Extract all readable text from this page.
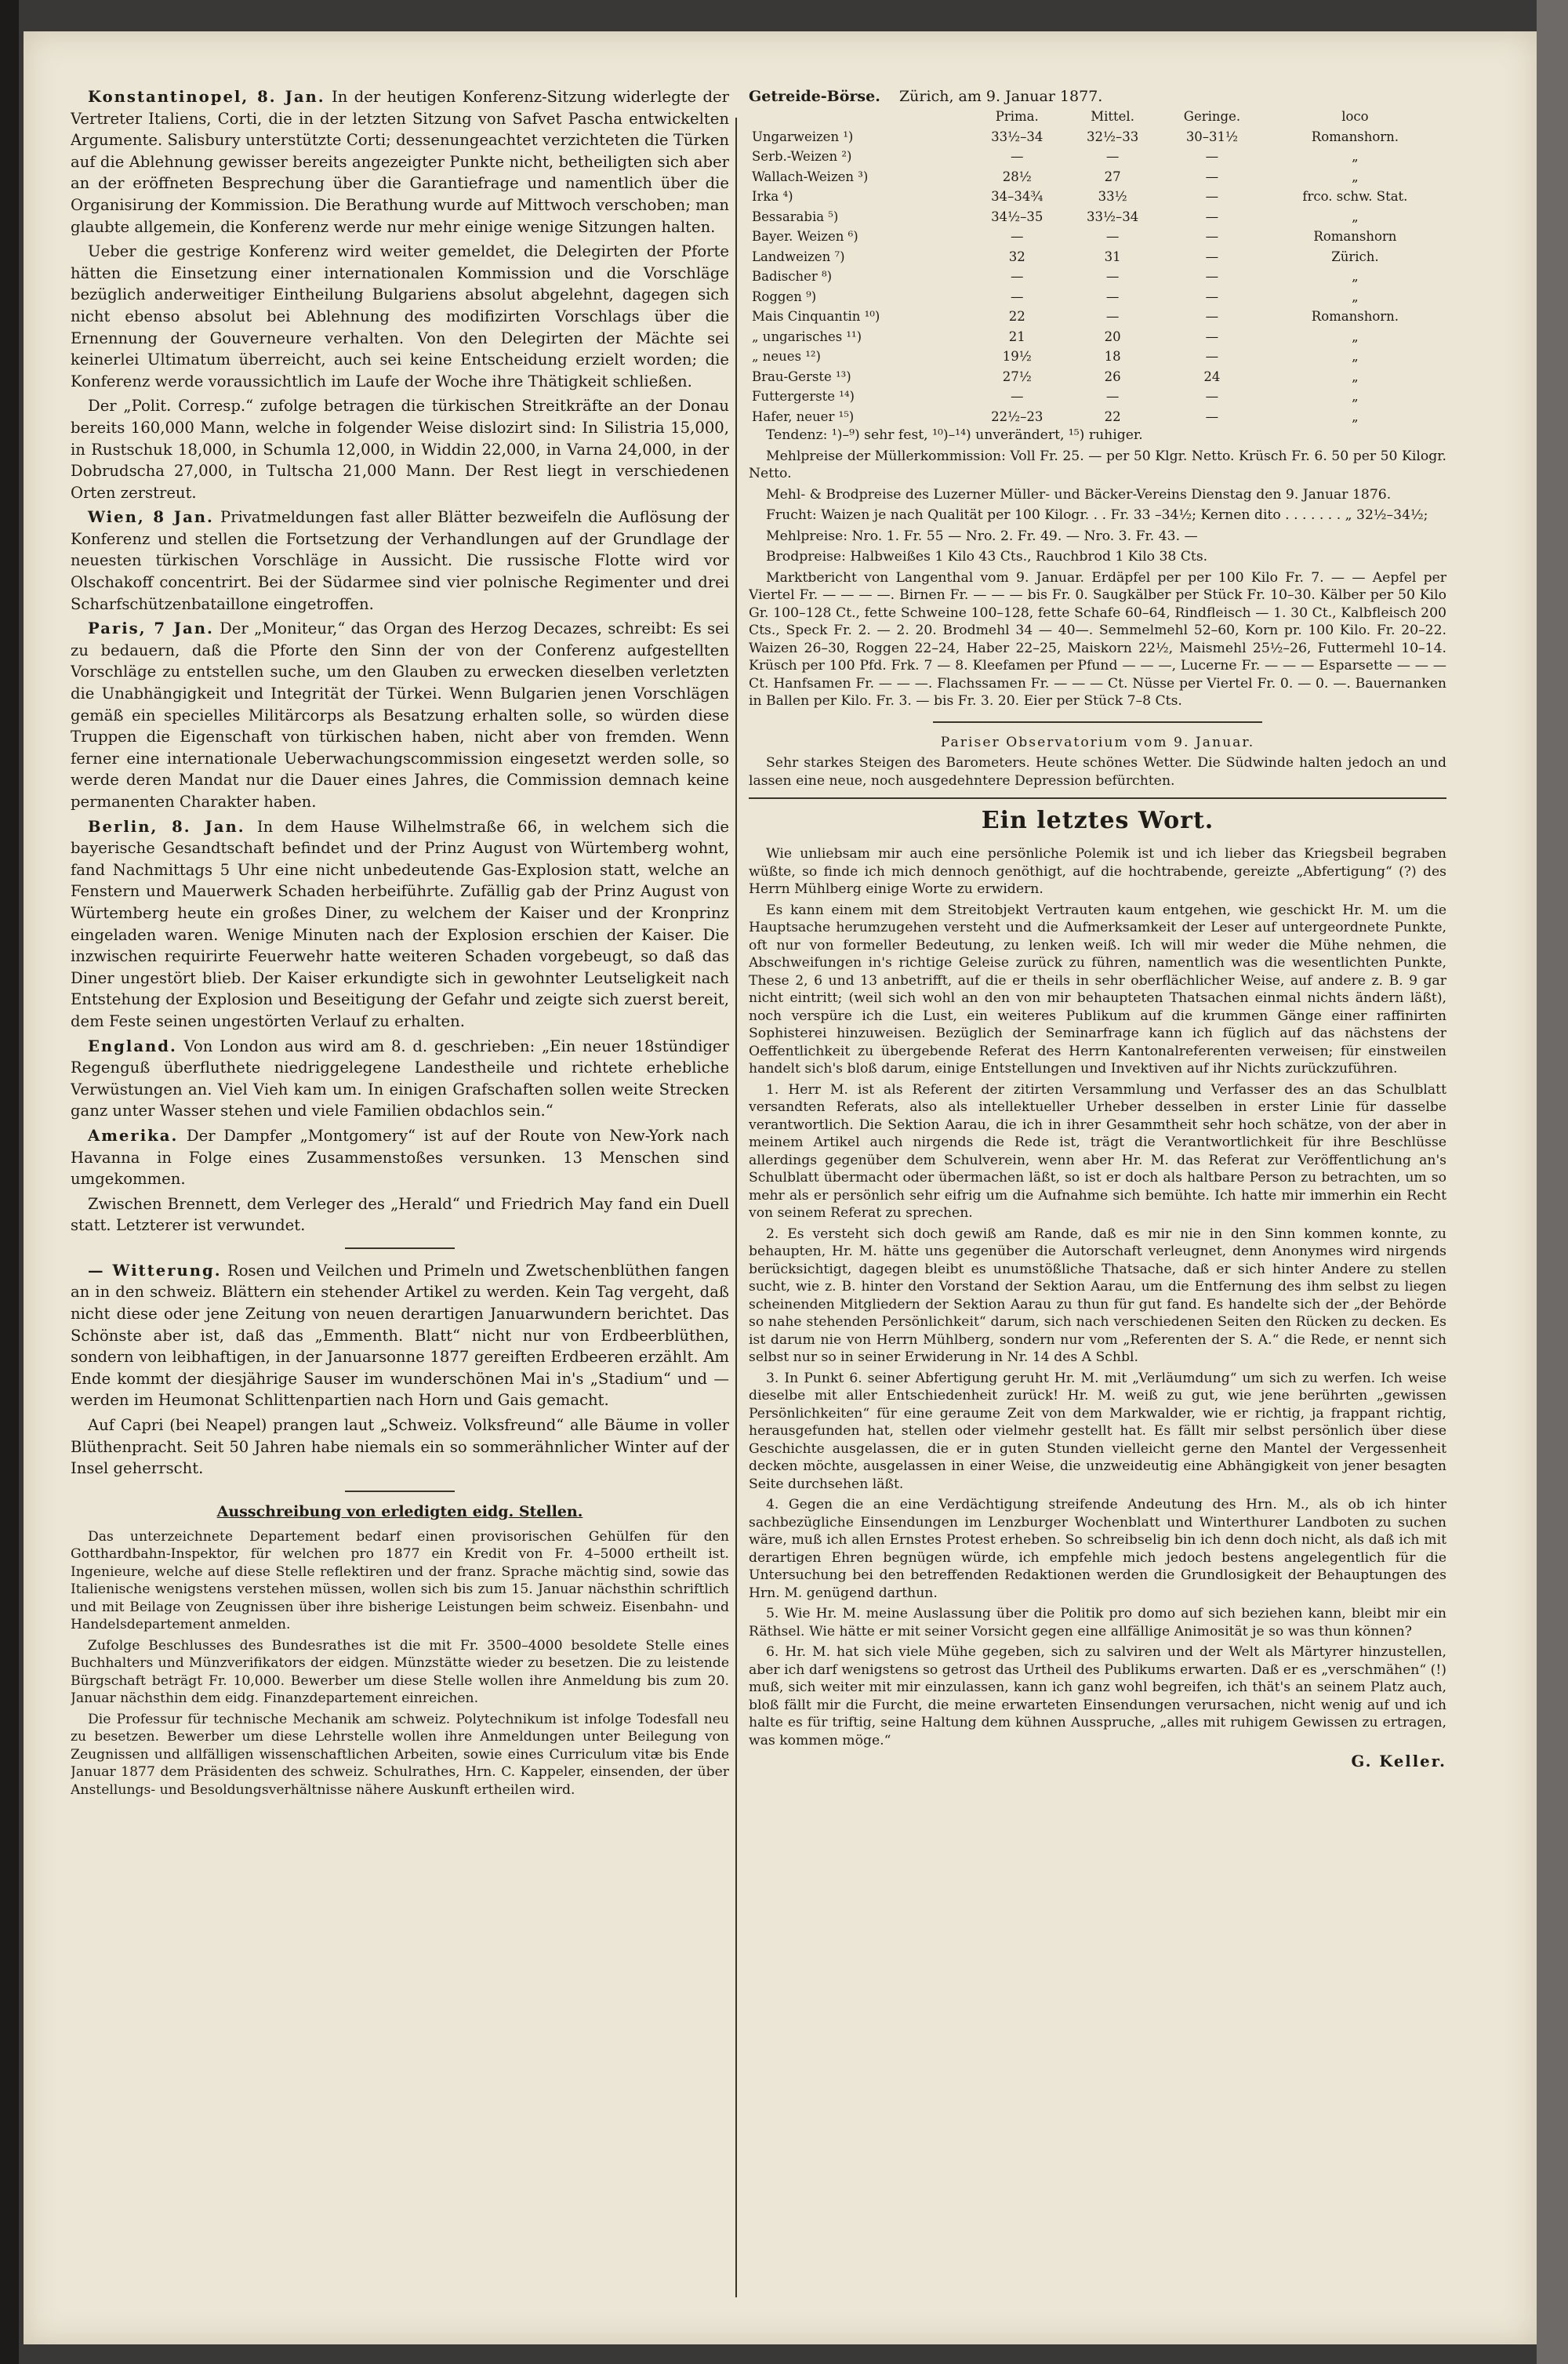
Konstantinopel, 8. Jan. In der heutigen Konferenz-Sitzung widerlegte der Vertreter Italiens, Corti, die in der letzten Sitzung von Safvet Pascha entwickelten Argumente. Salisbury unterstützte Corti; dessenungeachtet verzichteten die Türken auf die Ablehnung gewisser bereits angezeigter Punkte nicht, betheiligten sich aber an der eröffneten Besprechung über die Garantiefrage und namentlich über die Organisirung der Kommission. Die Berathung wurde auf Mittwoch verschoben; man glaubte allgemein, die Konferenz werde nur mehr einige wenige Sitzungen halten.

Ueber die gestrige Konferenz wird weiter gemeldet, die Delegirten der Pforte hätten die Einsetzung einer internationalen Kommission und die Vorschläge bezüglich anderweitiger Eintheilung Bulgariens absolut abgelehnt, dagegen sich nicht ebenso absolut bei Ablehnung des modifizirten Vorschlags über die Ernennung der Gouverneure verhalten. Von den Delegirten der Mächte sei keinerlei Ultimatum überreicht, auch sei keine Entscheidung erzielt worden; die Konferenz werde voraussichtlich im Laufe der Woche ihre Thätigkeit schließen.

Der „Polit. Corresp.“ zufolge betragen die türkischen Streitkräfte an der Donau bereits 160,000 Mann, welche in folgender Weise dislozirt sind: In Silistria 15,000, in Rustschuk 18,000, in Schumla 12,000, in Widdin 22,000, in Varna 24,000, in der Dobrudscha 27,000, in Tultscha 21,000 Mann. Der Rest liegt in verschiedenen Orten zerstreut.

Wien, 8 Jan. Privatmeldungen fast aller Blätter bezweifeln die Auflösung der Konferenz und stellen die Fortsetzung der Verhandlungen auf der Grundlage der neuesten türkischen Vorschläge in Aussicht. Die russische Flotte wird vor Olschakoff concentrirt. Bei der Südarmee sind vier polnische Regimenter und drei Scharfschützenbataillone eingetroffen.

Paris, 7 Jan. Der „Moniteur,“ das Organ des Herzog Decazes, schreibt: Es sei zu bedauern, daß die Pforte den Sinn der von der Conferenz aufgestellten Vorschläge zu entstellen suche, um den Glauben zu erwecken dieselben verletzten die Unabhängigkeit und Integrität der Türkei. Wenn Bulgarien jenen Vorschlägen gemäß ein specielles Militärcorps als Besatzung erhalten solle, so würden diese Truppen die Eigenschaft von türkischen haben, nicht aber von fremden. Wenn ferner eine internationale Ueberwachungscommission eingesetzt werden solle, so werde deren Mandat nur die Dauer eines Jahres, die Commission demnach keine permanenten Charakter haben.

Berlin, 8. Jan. In dem Hause Wilhelmstraße 66, in welchem sich die bayerische Gesandtschaft befindet und der Prinz August von Würtemberg wohnt, fand Nachmittags 5 Uhr eine nicht unbedeutende Gas-Explosion statt, welche an Fenstern und Mauerwerk Schaden herbeiführte. Zufällig gab der Prinz August von Würtemberg heute ein großes Diner, zu welchem der Kaiser und der Kronprinz eingeladen waren. Wenige Minuten nach der Explosion erschien der Kaiser. Die inzwischen requirirte Feuerwehr hatte weiteren Schaden vorgebeugt, so daß das Diner ungestört blieb. Der Kaiser erkundigte sich in gewohnter Leutseligkeit nach Entstehung der Explosion und Beseitigung der Gefahr und zeigte sich zuerst bereit, dem Feste seinen ungestörten Verlauf zu erhalten.

England. Von London aus wird am 8. d. geschrieben: „Ein neuer 18stündiger Regenguß überfluthete niedriggelegene Landestheile und richtete erhebliche Verwüstungen an. Viel Vieh kam um. In einigen Grafschaften sollen weite Strecken ganz unter Wasser stehen und viele Familien obdachlos sein.“

Amerika. Der Dampfer „Montgomery“ ist auf der Route von New-York nach Havanna in Folge eines Zusammenstoßes versunken. 13 Menschen sind umgekommen.

Zwischen Brennett, dem Verleger des „Herald“ und Friedrich May fand ein Duell statt. Letzterer ist verwundet.

— Witterung. Rosen und Veilchen und Primeln und Zwetschenblüthen fangen an in den schweiz. Blättern ein stehender Artikel zu werden. Kein Tag vergeht, daß nicht diese oder jene Zeitung von neuen derartigen Januarwundern berichtet. Das Schönste aber ist, daß das „Emmenth. Blatt“ nicht nur von Erdbeerblüthen, sondern von leibhaftigen, in der Januarsonne 1877 gereiften Erdbeeren erzählt. Am Ende kommt der diesjährige Sauser im wunderschönen Mai in's „Stadium“ und — werden im Heumonat Schlittenpartien nach Horn und Gais gemacht.

Auf Capri (bei Neapel) prangen laut „Schweiz. Volksfreund“ alle Bäume in voller Blüthenpracht. Seit 50 Jahren habe niemals ein so sommerähnlicher Winter auf der Insel geherrscht.

Ausschreibung von erledigten eidg. Stellen.

Das unterzeichnete Departement bedarf einen provisorischen Gehülfen für den Gotthardbahn-Inspektor, für welchen pro 1877 ein Kredit von Fr. 4–5000 ertheilt ist. Ingenieure, welche auf diese Stelle reflektiren und der franz. Sprache mächtig sind, sowie das Italienische wenigstens verstehen müssen, wollen sich bis zum 15. Januar nächsthin schriftlich und mit Beilage von Zeugnissen über ihre bisherige Leistungen beim schweiz. Eisenbahn- und Handelsdepartement anmelden.

Zufolge Beschlusses des Bundesrathes ist die mit Fr. 3500–4000 besoldete Stelle eines Buchhalters und Münzverifikators der eidgen. Münzstätte wieder zu besetzen. Die zu leistende Bürgschaft beträgt Fr. 10,000. Bewerber um diese Stelle wollen ihre Anmeldung bis zum 20. Januar nächsthin dem eidg. Finanzdepartement einreichen.

Die Professur für technische Mechanik am schweiz. Polytechnikum ist infolge Todesfall neu zu besetzen. Bewerber um diese Lehrstelle wollen ihre Anmeldungen unter Beilegung von Zeugnissen und allfälligen wissenschaftlichen Arbeiten, sowie eines Curriculum vitæ bis Ende Januar 1877 dem Präsidenten des schweiz. Schulrathes, Hrn. C. Kappeler, einsenden, der über Anstellungs- und Besoldungsverhältnisse nähere Auskunft ertheilen wird.

Getreide-Börse. Zürich, am 9. Januar 1877.
	Prima.	Mittel.	Geringe.	loco
Ungarweizen ¹)	33½–34	32½–33	30–31½	Romanshorn.
Serb.-Weizen ²)	—	—	—	„
Wallach-Weizen ³)	28½	27	—	„
Irka ⁴)	34–34¾	33½	—	frco. schw. Stat.
Bessarabia ⁵)	34½–35	33½–34	—	„
Bayer. Weizen ⁶)	—	—	—	Romanshorn
Landweizen ⁷)	32	31	—	Zürich.
Badischer ⁸)	—	—	—	„
Roggen ⁹)	—	—	—	„
Mais Cinquantin ¹⁰)	22	—	—	Romanshorn.
„ ungarisches ¹¹)	21	20	—	„
„ neues ¹²)	19½	18	—	„
Brau-Gerste ¹³)	27½	26	24	„
Futtergerste ¹⁴)	—	—	—	„
Hafer, neuer ¹⁵)	22½–23	22	—	„

Tendenz: ¹)–⁹) sehr fest, ¹⁰)–¹⁴) unverändert, ¹⁵) ruhiger.

Mehlpreise der Müllerkommission: Voll Fr. 25. — per 50 Klgr. Netto. Krüsch Fr. 6. 50 per 50 Kilogr. Netto.

Mehl- & Brodpreise des Luzerner Müller- und Bäcker-Vereins Dienstag den 9. Januar 1876.

Frucht: Waizen je nach Qualität per 100 Kilogr. . . Fr. 33 –34½; Kernen dito . . . . . . . „ 32½–34½;

Mehlpreise: Nro. 1. Fr. 55 — Nro. 2. Fr. 49. — Nro. 3. Fr. 43. —

Brodpreise: Halbweißes 1 Kilo 43 Cts., Rauchbrod 1 Kilo 38 Cts.

Marktbericht von Langenthal vom 9. Januar. Erdäpfel per per 100 Kilo Fr. 7. — — Aepfel per Viertel Fr. — — — —. Birnen Fr. — — — bis Fr. 0. Saugkälber per Stück Fr. 10–30. Kälber per 50 Kilo Gr. 100–128 Ct., fette Schweine 100–128, fette Schafe 60–64, Rindfleisch — 1. 30 Ct., Kalbfleisch 200 Cts., Speck Fr. 2. — 2. 20. Brodmehl 34 — 40—. Semmelmehl 52–60, Korn pr. 100 Kilo. Fr. 20–22. Waizen 26–30, Roggen 22–24, Haber 22–25, Maiskorn 22½, Maismehl 25½–26, Futtermehl 10–14. Krüsch per 100 Pfd. Frk. 7 — 8. Kleefamen per Pfund — — —, Lucerne Fr. — — — Esparsette — — — Ct. Hanfsamen Fr. — — —. Flachssamen Fr. — — — Ct. Nüsse per Viertel Fr. 0. — 0. —. Bauernanken in Ballen per Kilo. Fr. 3. — bis Fr. 3. 20. Eier per Stück 7–8 Cts.

Pariser Observatorium vom 9. Januar.

Sehr starkes Steigen des Barometers. Heute schönes Wetter. Die Südwinde halten jedoch an und lassen eine neue, noch ausgedehntere Depression befürchten.

Ein letztes Wort.

Wie unliebsam mir auch eine persönliche Polemik ist und ich lieber das Kriegsbeil begraben wüßte, so finde ich mich dennoch genöthigt, auf die hochtrabende, gereizte „Abfertigung“ (?) des Herrn Mühlberg einige Worte zu erwidern.

Es kann einem mit dem Streitobjekt Vertrauten kaum entgehen, wie geschickt Hr. M. um die Hauptsache herumzugehen versteht und die Aufmerksamkeit der Leser auf untergeordnete Punkte, oft nur von formeller Bedeutung, zu lenken weiß. Ich will mir weder die Mühe nehmen, die Abschweifungen in's richtige Geleise zurück zu führen, namentlich was die wesentlichten Punkte, These 2, 6 und 13 anbetrifft, auf die er theils in sehr oberflächlicher Weise, auf andere z. B. 9 gar nicht eintritt; (weil sich wohl an den von mir behaupteten Thatsachen einmal nichts ändern läßt), noch verspüre ich die Lust, ein weiteres Publikum auf die krummen Gänge einer raffinirten Sophisterei hinzuweisen. Bezüglich der Seminarfrage kann ich füglich auf das nächstens der Oeffentlichkeit zu übergebende Referat des Herrn Kantonalreferenten verweisen; für einstweilen handelt sich's bloß darum, einige Entstellungen und Invektiven auf ihr Nichts zurückzuführen.

1. Herr M. ist als Referent der zitirten Versammlung und Verfasser des an das Schulblatt versandten Referats, also als intellektueller Urheber desselben in erster Linie für dasselbe verantwortlich. Die Sektion Aarau, die ich in ihrer Gesammtheit sehr hoch schätze, von der aber in meinem Artikel auch nirgends die Rede ist, trägt die Verantwortlichkeit für ihre Beschlüsse allerdings gegenüber dem Schulverein, wenn aber Hr. M. das Referat zur Veröffentlichung an's Schulblatt übermacht oder übermachen läßt, so ist er doch als haltbare Person zu betrachten, um so mehr als er persönlich sehr eifrig um die Aufnahme sich bemühte. Ich hatte mir immerhin ein Recht von seinem Referat zu sprechen.

2. Es versteht sich doch gewiß am Rande, daß es mir nie in den Sinn kommen konnte, zu behaupten, Hr. M. hätte uns gegenüber die Autorschaft verleugnet, denn Anonymes wird nirgends berücksichtigt, dagegen bleibt es unumstößliche Thatsache, daß er sich hinter Andere zu stellen sucht, wie z. B. hinter den Vorstand der Sektion Aarau, um die Entfernung des ihm selbst zu liegen scheinenden Mitgliedern der Sektion Aarau zu thun für gut fand. Es handelte sich der „der Behörde so nahe stehenden Persönlichkeit“ darum, sich nach verschiedenen Seiten den Rücken zu decken. Es ist darum nie von Herrn Mühlberg, sondern nur vom „Referenten der S. A.“ die Rede, er nennt sich selbst nur so in seiner Erwiderung in Nr. 14 des A Schbl.

3. In Punkt 6. seiner Abfertigung geruht Hr. M. mit „Verläumdung“ um sich zu werfen. Ich weise dieselbe mit aller Entschiedenheit zurück! Hr. M. weiß zu gut, wie jene berührten „gewissen Persönlichkeiten“ für eine geraume Zeit von dem Markwalder, wie er richtig, ja frappant richtig, herausgefunden hat, stellen oder vielmehr gestellt hat. Es fällt mir selbst persönlich über diese Geschichte ausgelassen, die er in guten Stunden vielleicht gerne den Mantel der Vergessenheit decken möchte, ausgelassen in einer Weise, die unzweideutig eine Abhängigkeit von jener besagten Seite durchsehen läßt.

4. Gegen die an eine Verdächtigung streifende Andeutung des Hrn. M., als ob ich hinter sachbezügliche Einsendungen im Lenzburger Wochenblatt und Winterthurer Landboten zu suchen wäre, muß ich allen Ernstes Protest erheben. So schreibselig bin ich denn doch nicht, als daß ich mit derartigen Ehren begnügen würde, ich empfehle mich jedoch bestens angelegentlich für die Untersuchung bei den betreffenden Redaktionen werden die Grundlosigkeit der Behauptungen des Hrn. M. genügend darthun.

5. Wie Hr. M. meine Auslassung über die Politik pro domo auf sich beziehen kann, bleibt mir ein Räthsel. Wie hätte er mit seiner Vorsicht gegen eine allfällige Animosität je so was thun können?

6. Hr. M. hat sich viele Mühe gegeben, sich zu salviren und der Welt als Märtyrer hinzustellen, aber ich darf wenigstens so getrost das Urtheil des Publikums erwarten. Daß er es „verschmähen“ (!) muß, sich weiter mit mir einzulassen, kann ich ganz wohl begreifen, ich thät's an seinem Platz auch, bloß fällt mir die Furcht, die meine erwarteten Einsendungen verursachen, nicht wenig auf und ich halte es für triftig, seine Haltung dem kühnen Ausspruche, „alles mit ruhigem Gewissen zu ertragen, was kommen möge.“

G. Keller.
